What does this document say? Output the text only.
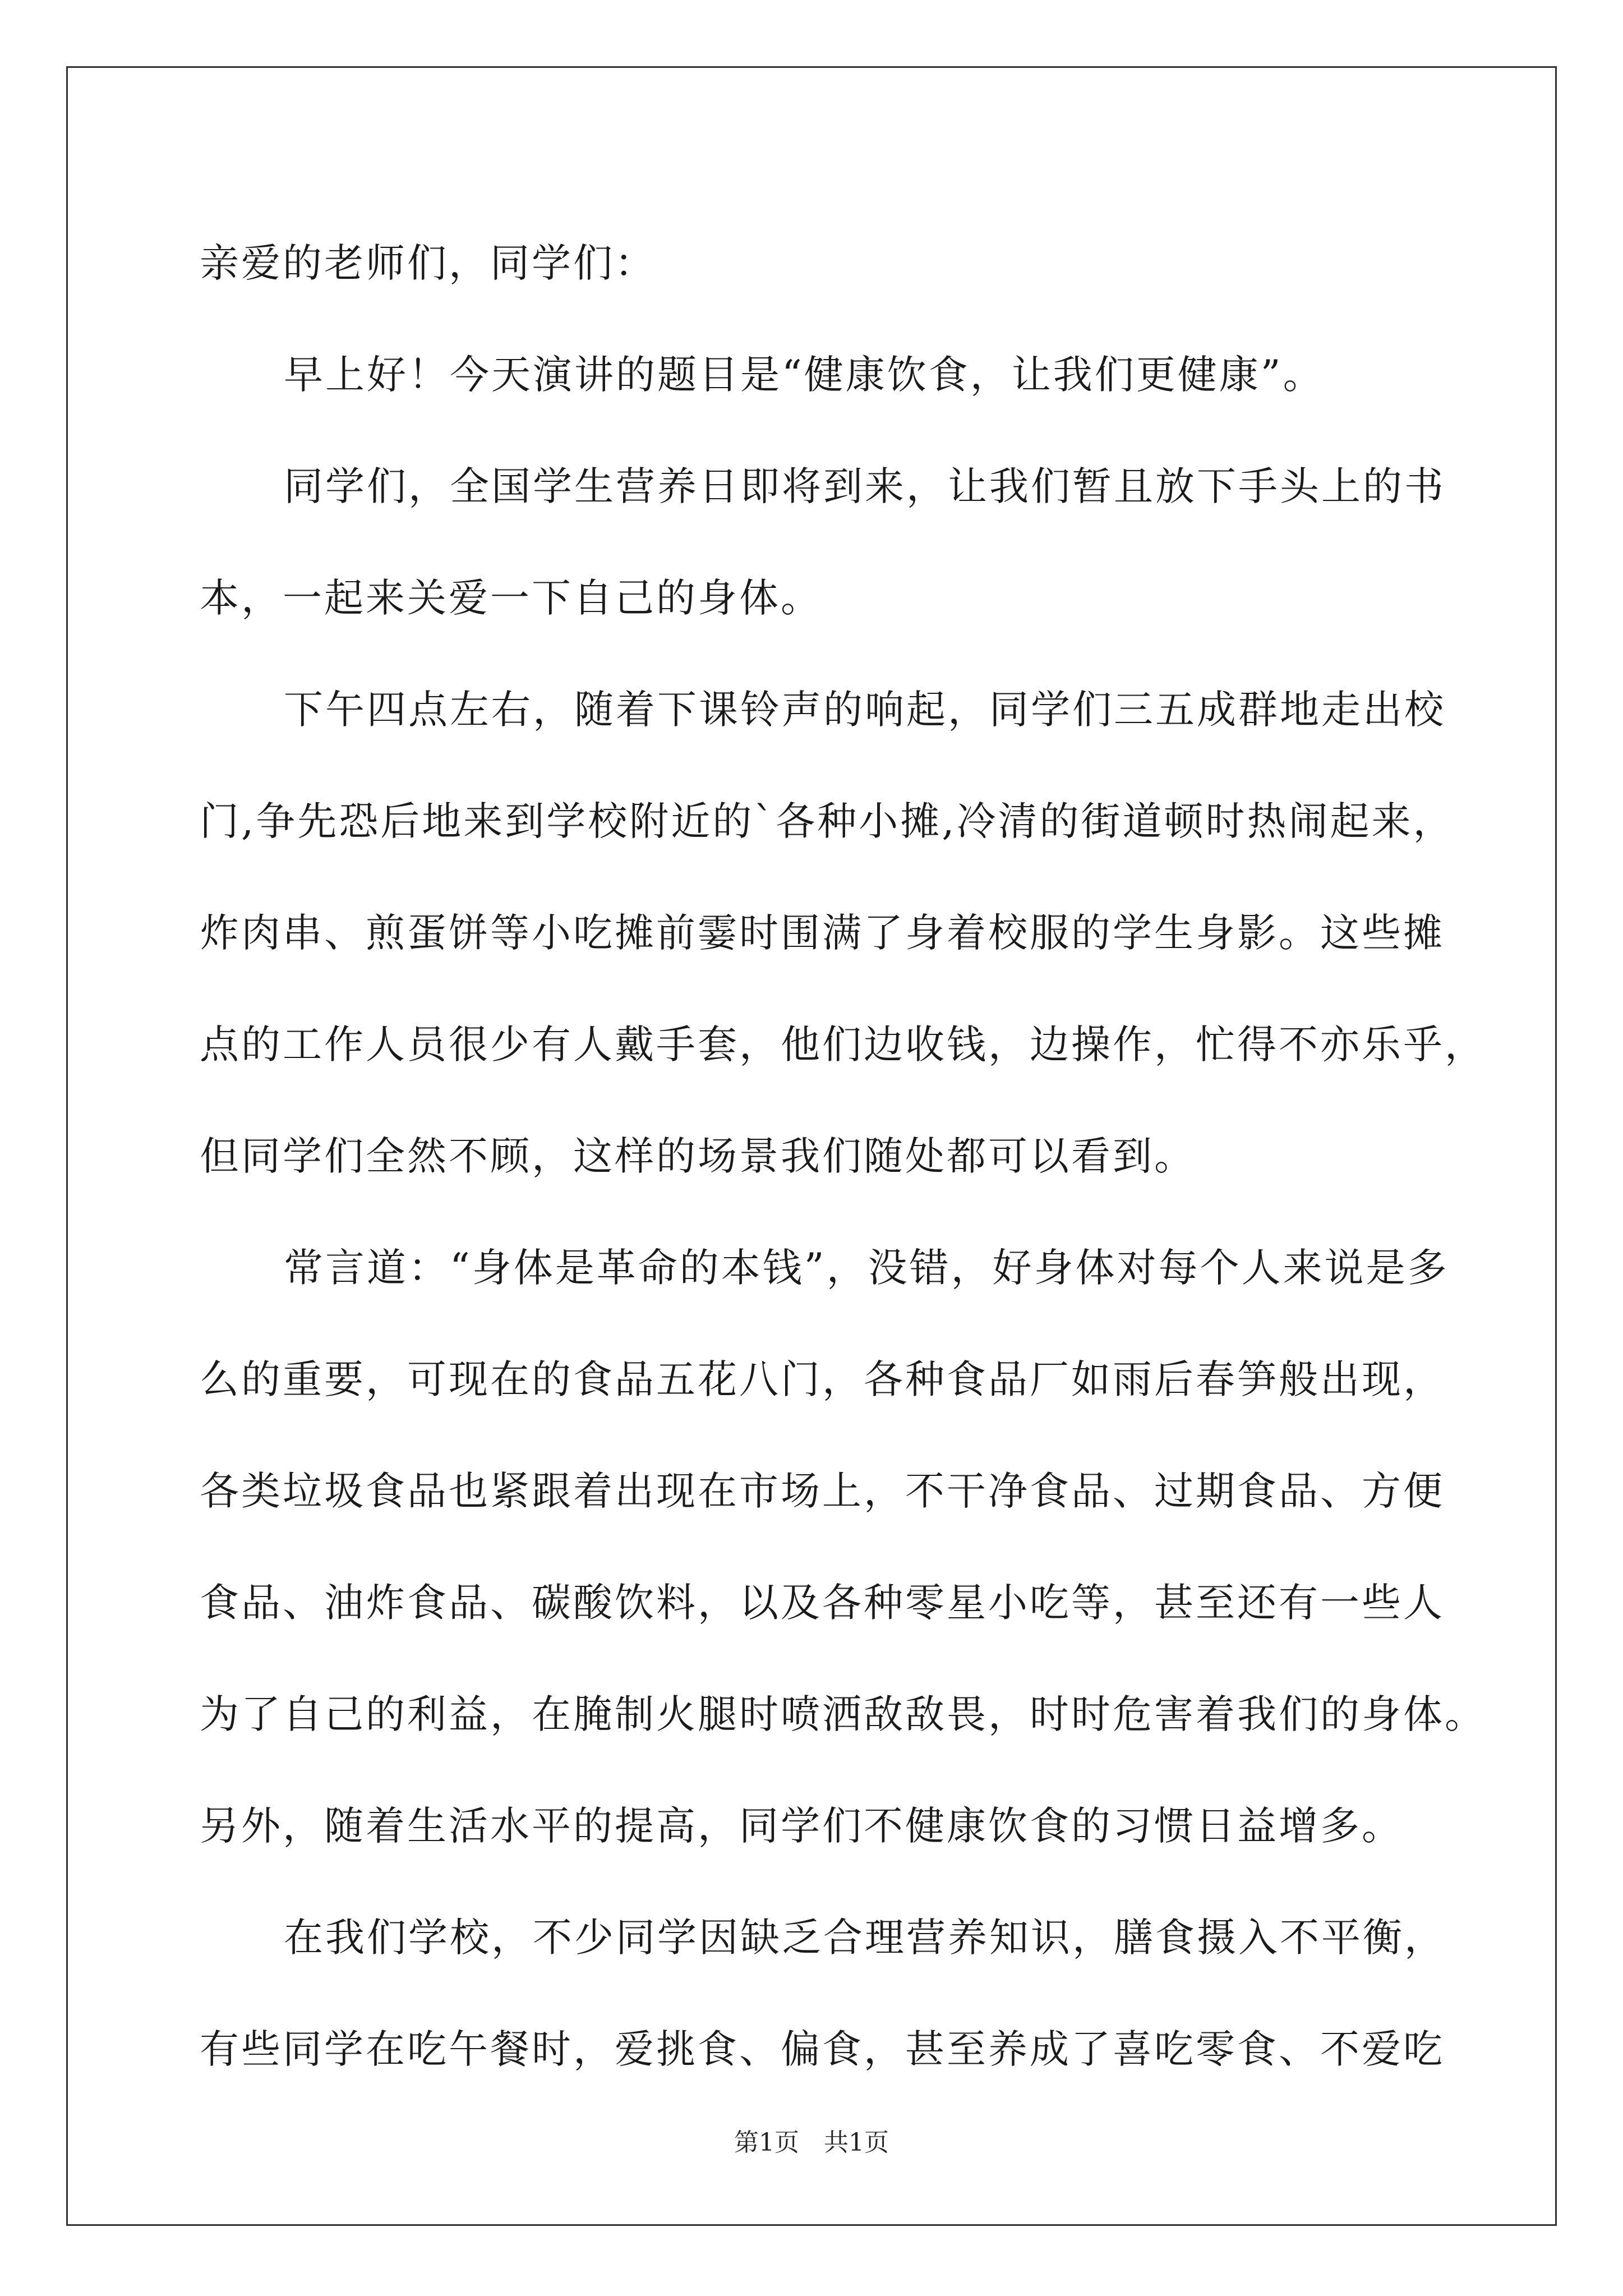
亲爱的老师们，同学们：
早上好！今天演讲的题目是“健康饮食，让我们更健康”。
同学们，全国学生营养日即将到来，让我们暂且放下手头上的书
本，一起来关爱一下自己的身体。
下午四点左右，随着下课铃声的响起，同学们三五成群地走出校
门,争先恐后地来到学校附近的`各种小摊,冷清的街道顿时热闹起来，
炸肉串、煎蛋饼等小吃摊前霎时围满了身着校服的学生身影。这些摊
点的工作人员很少有人戴手套，他们边收钱，边操作，忙得不亦乐乎，
但同学们全然不顾，这样的场景我们随处都可以看到。
常言道：“身体是革命的本钱”，没错，好身体对每个人来说是多
么的重要，可现在的食品五花八门，各种食品厂如雨后春笋般出现，
各类垃圾食品也紧跟着出现在市场上，不干净食品、过期食品、方便
食品、油炸食品、碳酸饮料，以及各种零星小吃等，甚至还有一些人
为了自己的利益，在腌制火腿时喷洒敌敌畏，时时危害着我们的身体。
另外，随着生活水平的提高，同学们不健康饮食的习惯日益增多。
在我们学校，不少同学因缺乏合理营养知识，膳食摄入不平衡，
有些同学在吃午餐时，爱挑食、偏食，甚至养成了喜吃零食、不爱吃
第1页　共1页
